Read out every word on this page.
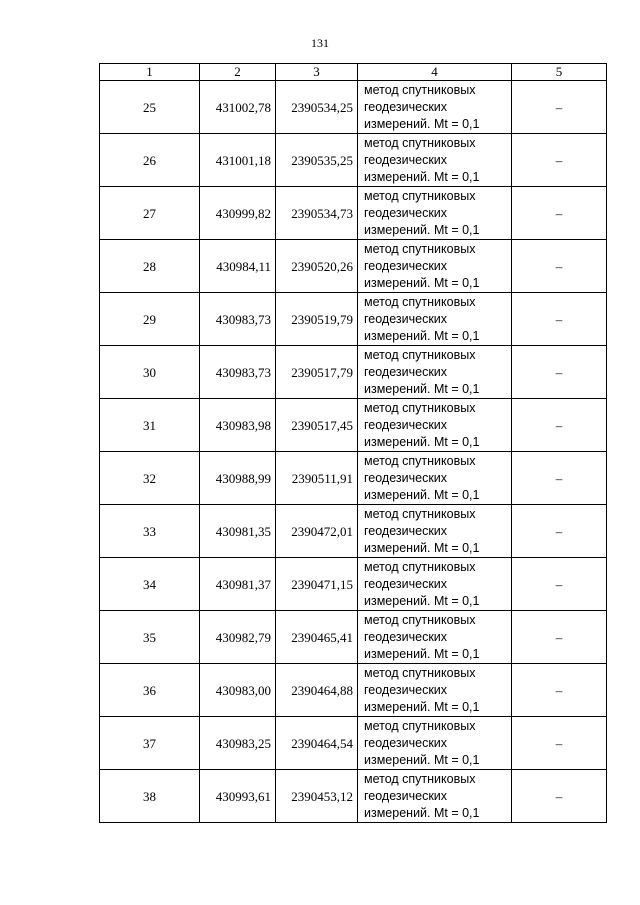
131
1	2	3	4	5
25	431002,78	2390534,25	метод спутниковых
геодезических
измерений. Mt = 0,1	–
26	431001,18	2390535,25	метод спутниковых
геодезических
измерений. Mt = 0,1	–
27	430999,82	2390534,73	метод спутниковых
геодезических
измерений. Mt = 0,1	–
28	430984,11	2390520,26	метод спутниковых
геодезических
измерений. Mt = 0,1	–
29	430983,73	2390519,79	метод спутниковых
геодезических
измерений. Mt = 0,1	–
30	430983,73	2390517,79	метод спутниковых
геодезических
измерений. Mt = 0,1	–
31	430983,98	2390517,45	метод спутниковых
геодезических
измерений. Mt = 0,1	–
32	430988,99	2390511,91	метод спутниковых
геодезических
измерений. Mt = 0,1	–
33	430981,35	2390472,01	метод спутниковых
геодезических
измерений. Mt = 0,1	–
34	430981,37	2390471,15	метод спутниковых
геодезических
измерений. Mt = 0,1	–
35	430982,79	2390465,41	метод спутниковых
геодезических
измерений. Mt = 0,1	–
36	430983,00	2390464,88	метод спутниковых
геодезических
измерений. Mt = 0,1	–
37	430983,25	2390464,54	метод спутниковых
геодезических
измерений. Mt = 0,1	–
38	430993,61	2390453,12	метод спутниковых
геодезических
измерений. Mt = 0,1	–
